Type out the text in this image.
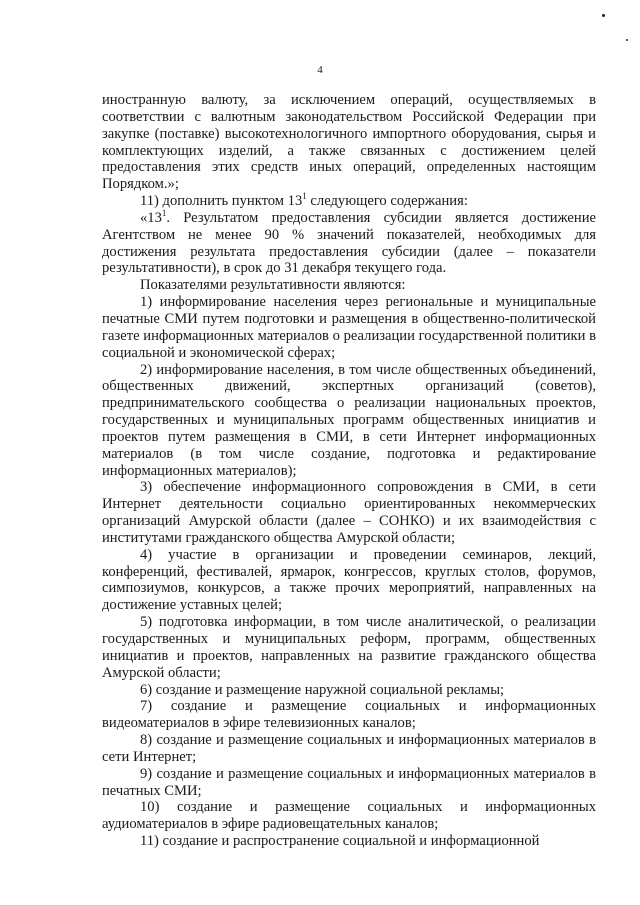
4

иностранную валюту, за исключением операций, осуществляемых в соответствии с валютным законодательством Российской Федерации при закупке (поставке) высокотехнологичного импортного оборудования, сырья и комплектующих изделий, а также связанных с достижением целей предоставления этих средств иных операций, определенных настоящим Порядком.»;

11) дополнить пунктом $13^1$ следующего содержания:

«$13^1$. Результатом предоставления субсидии является достижение Агентством не менее 90 % значений показателей, необходимых для достижения результата предоставления субсидии (далее – показатели результативности), в срок до 31 декабря текущего года.

Показателями результативности являются:

1) информирование населения через региональные и муниципальные печатные СМИ путем подготовки и размещения в общественно-политической газете информационных материалов о реализации государственной политики в социальной и экономической сферах;

2) информирование населения, в том числе общественных объединений, общественных движений, экспертных организаций (советов), предпринимательского сообщества о реализации национальных проектов, государственных и муниципальных программ общественных инициатив и проектов путем размещения в СМИ, в сети Интернет информационных материалов (в том числе создание, подготовка и редактирование информационных материалов);

3) обеспечение информационного сопровождения в СМИ, в сети Интернет деятельности социально ориентированных некоммерческих организаций Амурской области (далее – СОНКО) и их взаимодействия с институтами гражданского общества Амурской области;

4) участие в организации и проведении семинаров, лекций, конференций, фестивалей, ярмарок, конгрессов, круглых столов, форумов, симпозиумов, конкурсов, а также прочих мероприятий, направленных на достижение уставных целей;

5) подготовка информации, в том числе аналитической, о реализации государственных и муниципальных реформ, программ, общественных инициатив и проектов, направленных на развитие гражданского общества Амурской области;

6) создание и размещение наружной социальной рекламы;

7) создание и размещение социальных и информационных видеоматериалов в эфире телевизионных каналов;

8) создание и размещение социальных и информационных материалов в сети Интернет;

9) создание и размещение социальных и информационных материалов в печатных СМИ;

10) создание и размещение социальных и информационных аудиоматериалов в эфире радиовещательных каналов;

11) создание и распространение социальной и информационной
